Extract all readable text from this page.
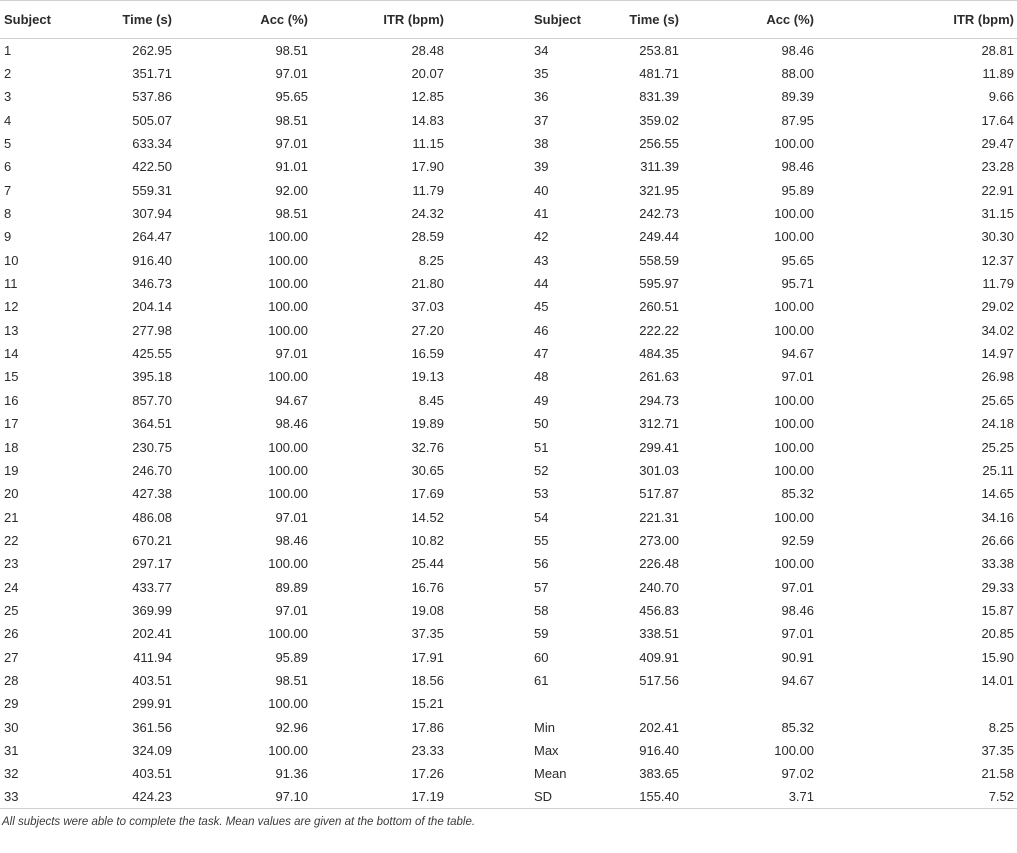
Subject	Time (s)	Acc (%)	ITR (bpm)	Subject	Time (s)	Acc (%)		ITR (bpm)
1	262.95	98.51	28.48	34	253.81	98.46		28.81
2	351.71	97.01	20.07	35	481.71	88.00		11.89
3	537.86	95.65	12.85	36	831.39	89.39		9.66
4	505.07	98.51	14.83	37	359.02	87.95		17.64
5	633.34	97.01	11.15	38	256.55	100.00		29.47
6	422.50	91.01	17.90	39	311.39	98.46		23.28
7	559.31	92.00	11.79	40	321.95	95.89		22.91
8	307.94	98.51	24.32	41	242.73	100.00		31.15
9	264.47	100.00	28.59	42	249.44	100.00		30.30
10	916.40	100.00	8.25	43	558.59	95.65		12.37
11	346.73	100.00	21.80	44	595.97	95.71		11.79
12	204.14	100.00	37.03	45	260.51	100.00		29.02
13	277.98	100.00	27.20	46	222.22	100.00		34.02
14	425.55	97.01	16.59	47	484.35	94.67		14.97
15	395.18	100.00	19.13	48	261.63	97.01		26.98
16	857.70	94.67	8.45	49	294.73	100.00		25.65
17	364.51	98.46	19.89	50	312.71	100.00		24.18
18	230.75	100.00	32.76	51	299.41	100.00		25.25
19	246.70	100.00	30.65	52	301.03	100.00		25.11
20	427.38	100.00	17.69	53	517.87	85.32		14.65
21	486.08	97.01	14.52	54	221.31	100.00		34.16
22	670.21	98.46	10.82	55	273.00	92.59		26.66
23	297.17	100.00	25.44	56	226.48	100.00		33.38
24	433.77	89.89	16.76	57	240.70	97.01		29.33
25	369.99	97.01	19.08	58	456.83	98.46		15.87
26	202.41	100.00	37.35	59	338.51	97.01		20.85
27	411.94	95.89	17.91	60	409.91	90.91		15.90
28	403.51	98.51	18.56	61	517.56	94.67		14.01
29	299.91	100.00	15.21					
30	361.56	92.96	17.86	Min	202.41	85.32		8.25
31	324.09	100.00	23.33	Max	916.40	100.00		37.35
32	403.51	91.36	17.26	Mean	383.65	97.02		21.58
33	424.23	97.10	17.19	SD	155.40	3.71		7.52

All subjects were able to complete the task. Mean values are given at the bottom of the table.
